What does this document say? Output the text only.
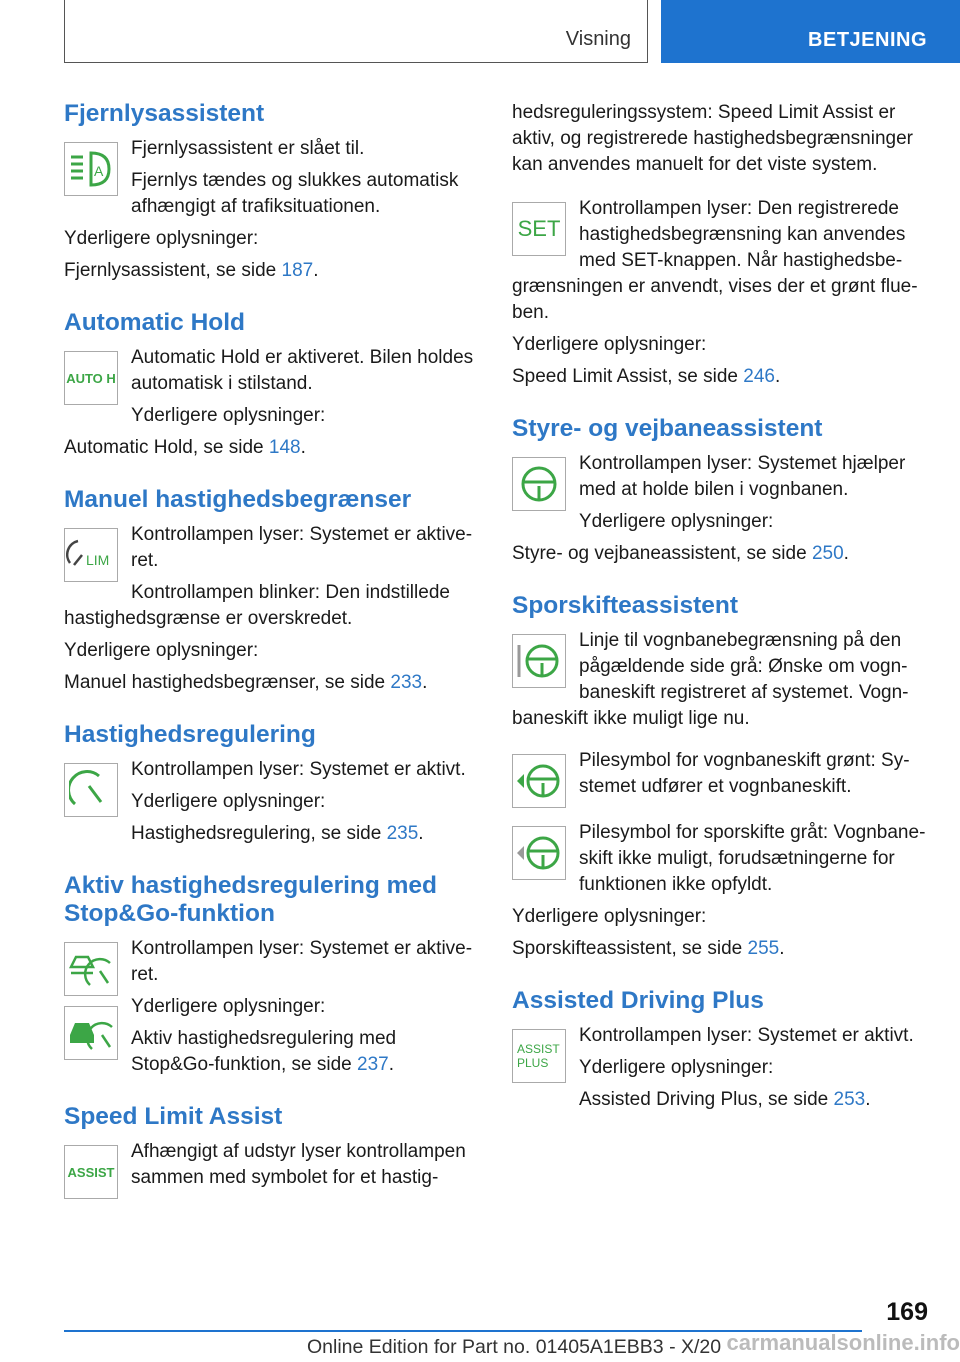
Visning	BETJENING
Fjernlysassistent
A

Fjernlysassistent er slået til.

Fjernlys tændes og slukkes automatisk afhængigt af trafiksituationen.

Yderligere oplysninger:

Fjernlysassistent, se side 187.

Automatic Hold
AUTO H

Automatic Hold er aktiveret. Bilen holdes automatisk i stilstand.

Yderligere oplysninger:

Automatic Hold, se side 148.

Manuel hastighedsbegrænser
LIM

Kontrollampen lyser: Systemet er aktive-ret.

Kontrollampen blinker: Den indstillede

hastighedsgrænse er overskredet.

Yderligere oplysninger:

Manuel hastighedsbegrænser, se side 233.

Hastighedsregulering

Kontrollampen lyser: Systemet er aktivt.

Yderligere oplysninger:

Hastighedsregulering, se side 235.

Aktiv hastighedsregulering med Stop&Go-funktion

Kontrollampen lyser: Systemet er aktive-ret.

Yderligere oplysninger:

Aktiv hastighedsregulering med Stop&Go-funktion, se side 237.

Speed Limit Assist
ASSIST

Afhængigt af udstyr lyser kontrollampen sammen med symbolet for et hastig-

hedsreguleringssystem: Speed Limit Assist er aktiv, og registrerede hastighedsbegrænsninger kan anvendes manuelt for det viste system.

SET

Kontrollampen lyser: Den registrerede hastighedsbegrænsning kan anvendes med SET-knappen. Når hastighedsbe-

grænsningen er anvendt, vises der et grønt flue-ben.

Yderligere oplysninger:

Speed Limit Assist, se side 246.

Styre- og vejbaneassistent

Kontrollampen lyser: Systemet hjælper med at holde bilen i vognbanen.

Yderligere oplysninger:

Styre- og vejbaneassistent, se side 250.

Sporskifteassistent

Linje til vognbanebegrænsning på den pågældende side grå: Ønske om vogn-baneskift registreret af systemet. Vogn-

baneskift ikke muligt lige nu.

Pilesymbol for vognbaneskift grønt: Sy-stemet udfører et vognbaneskift.

Pilesymbol for sporskifte gråt: Vognbane-skift ikke muligt, forudsætningerne for funktionen ikke opfyldt.

Yderligere oplysninger:

Sporskifteassistent, se side 255.

Assisted Driving Plus
ASSIST
PLUS

Kontrollampen lyser: Systemet er aktivt.

Yderligere oplysninger:

Assisted Driving Plus, se side 253.

169
Online Edition for Part no. 01405A1EBB3 - X/20 carmanualsonline.info
